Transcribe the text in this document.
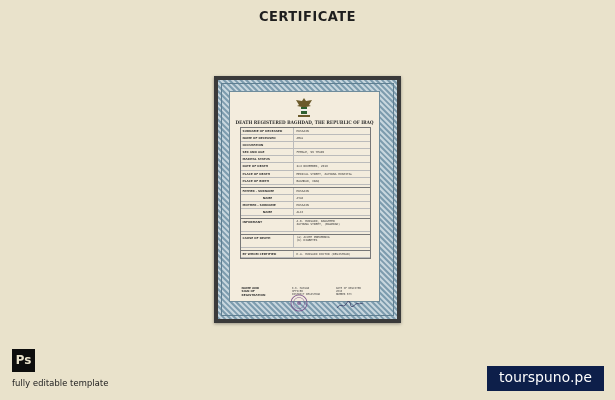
CERTIFICATE
DEATH REGISTERED BAGHDAD, THE REPUBLIC OF IRAQ
SURNAME OF DECEASED	HUSSAIN
NAME OF DECEASED	AMAL
OCCUPATION
SEX AND AGE	FEMALE, 99 YEARS
MARITAL STATUS
DATE OF DEATH	2nd NOVEMBER, 2010
PLACE OF DEATH	MEDICAL STREET, ZAYOUNA HOSPITAL
PLACE OF BIRTH	BAGHDAD, IRAQ
FATHER - SURNAME	HUSSAIN
NAME	AYAD
MOTHER - SURNAME	HUSSAIN
NAME	ALIA
INFORMANT	A.K. HUSSAIN, DAUGHTER
ZAYOUNA STREET, (BAGHDAD)
CAUSE OF DEATH	(a) ACUTE PNEUMONIA
(b) DIABETES
BY WHOM CERTIFIED	K.A. HUSSAIN DOCTOR (REGISTRAR)
NAME AND SIGN OF REGISTRATION
K.K. HASSAN
OFFICER
DISTRICT REGISTRAR
DATE OF REGISTER
2010
NUMBER 873
Ps
fully editable template	tourspuno.pe
